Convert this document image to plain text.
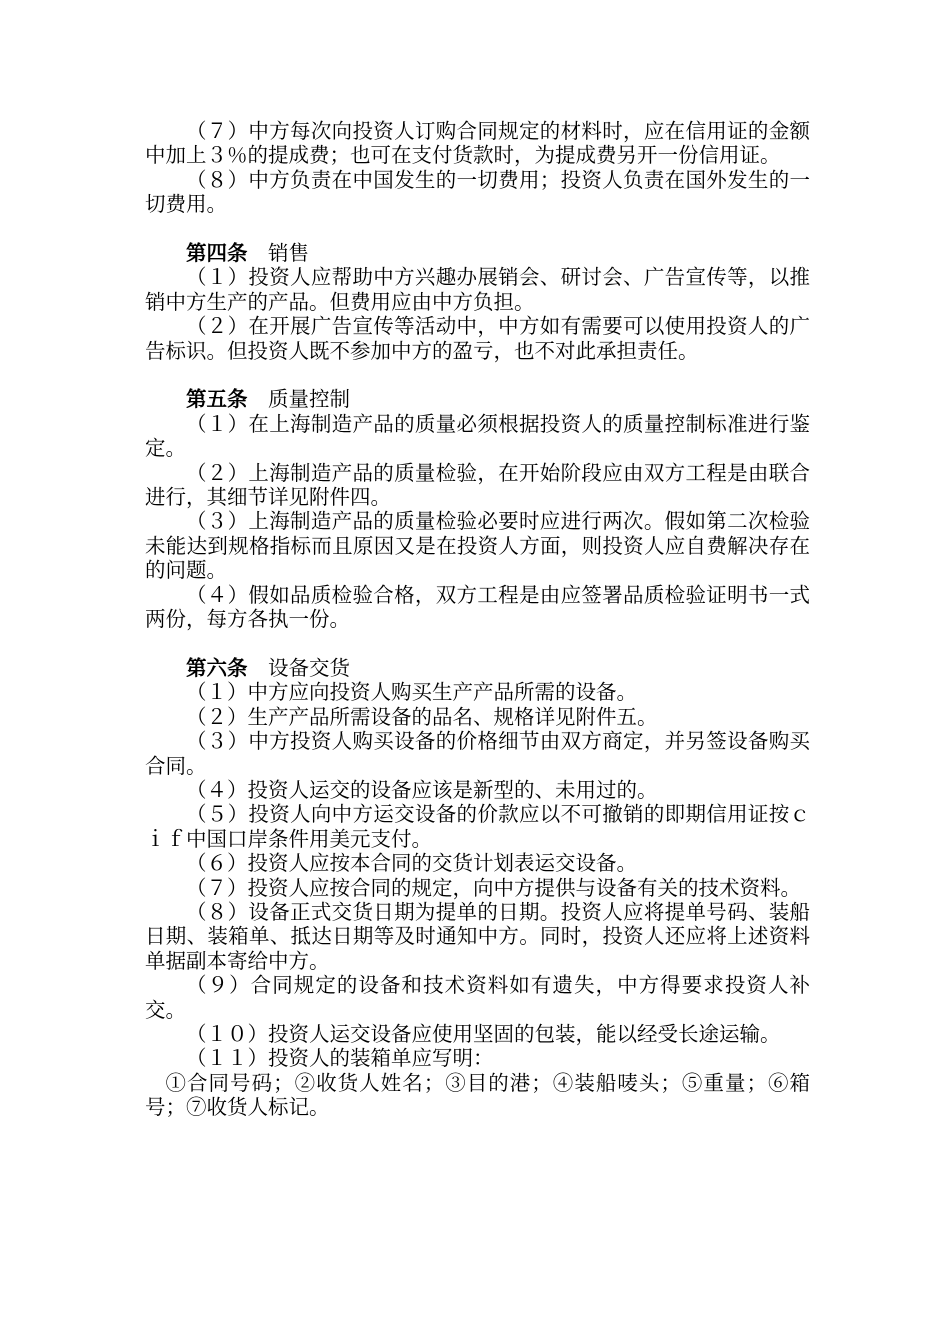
（７）中方每次向投资人订购合同规定的材料时，应在信用证的金额中加上３％的提成费；也可在支付货款时，为提成费另开一份信用证。

（８）中方负责在中国发生的一切费用；投资人负责在国外发生的一切费用。

第四条 销售

（１）投资人应帮助中方兴趣办展销会、研讨会、广告宣传等，以推销中方生产的产品。但费用应由中方负担。

（２）在开展广告宣传等活动中，中方如有需要可以使用投资人的广告标识。但投资人既不参加中方的盈亏，也不对此承担责任。

第五条 质量控制

（１）在上海制造产品的质量必须根据投资人的质量控制标准进行鉴定。

（２）上海制造产品的质量检验，在开始阶段应由双方工程是由联合进行，其细节详见附件四。

（３）上海制造产品的质量检验必要时应进行两次。假如第二次检验未能达到规格指标而且原因又是在投资人方面，则投资人应自费解决存在的问题。

（４）假如品质检验合格，双方工程是由应签署品质检验证明书一式两份，每方各执一份。

第六条 设备交货

（１）中方应向投资人购买生产产品所需的设备。

（２）生产产品所需设备的品名、规格详见附件五。

（３）中方投资人购买设备的价格细节由双方商定，并另签设备购买合同。

（４）投资人运交的设备应该是新型的、未用过的。

（５）投资人向中方运交设备的价款应以不可撤销的即期信用证按ｃｉｆ中国口岸条件用美元支付。

（６）投资人应按本合同的交货计划表运交设备。

（７）投资人应按合同的规定，向中方提供与设备有关的技术资料。

（８）设备正式交货日期为提单的日期。投资人应将提单号码、装船日期、装箱单、抵达日期等及时通知中方。同时，投资人还应将上述资料单据副本寄给中方。

（９）合同规定的设备和技术资料如有遗失，中方得要求投资人补交。

（１０）投资人运交设备应使用坚固的包装，能以经受长途运输。

（１１）投资人的装箱单应写明：

①合同号码；②收货人姓名；③目的港；④装船唛头；⑤重量；⑥箱号；⑦收货人标记。
